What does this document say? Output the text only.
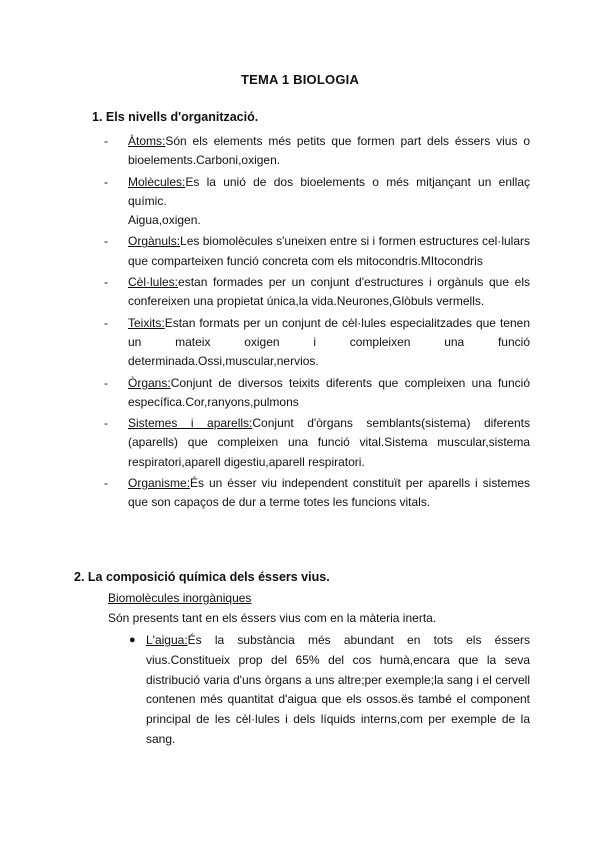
TEMA 1 BIOLOGIA
1. Els nivells d'organització.
- Àtoms:Són els elements més petits que formen part dels éssers vius o bioelements.Carboni,oxigen.
- Molècules:Es la unió de dos bioelements o més mitjançant un enllaç químic.
Aigua,oxigen.
- Orgànuls:Les biomolècules s'uneixen entre si i formen estructures cel·lulars que comparteixen funció concreta com els mitocondris.MItocondris
- Cèl·lules:estan formades per un conjunt d'estructures i orgànuls que els confereixen una propietat única,la vida.Neurones,Glòbuls vermells.
- Teixits:Estan formats per un conjunt de cèl·lules especialitzades que tenen un mateix oxigen i compleixen una funció determinada.Ossi,muscular,nervios.
- Òrgans:Conjunt de diversos teixits diferents que compleixen una funció específica.Cor,ranyons,pulmons
- Sistemes i aparells:Conjunt d'òrgans semblants(sistema) diferents (aparells) que compleixen una funció vital.Sistema muscular,sistema respiratori,aparell digestiu,aparell respiratori.
- Organisme:És un ésser viu independent constituït per aparells i sistemes que son capaços de dur a terme totes les funcions vitals.
2. La composició química dels éssers vius.
Biomolècules inorgàniques
Són presents tant en els éssers vius com en la màteria inerta.
● L'aigua:És la substància més abundant en tots els éssers vius.Constitueix prop del 65% del cos humà,encara que la seva distribució varia d'uns òrgans a uns altre;per exemple;la sang i el cervell contenen més quantitat d'aigua que els ossos.ës també el component principal de les cèl·lules i dels líquids interns,com per exemple de la sang.
